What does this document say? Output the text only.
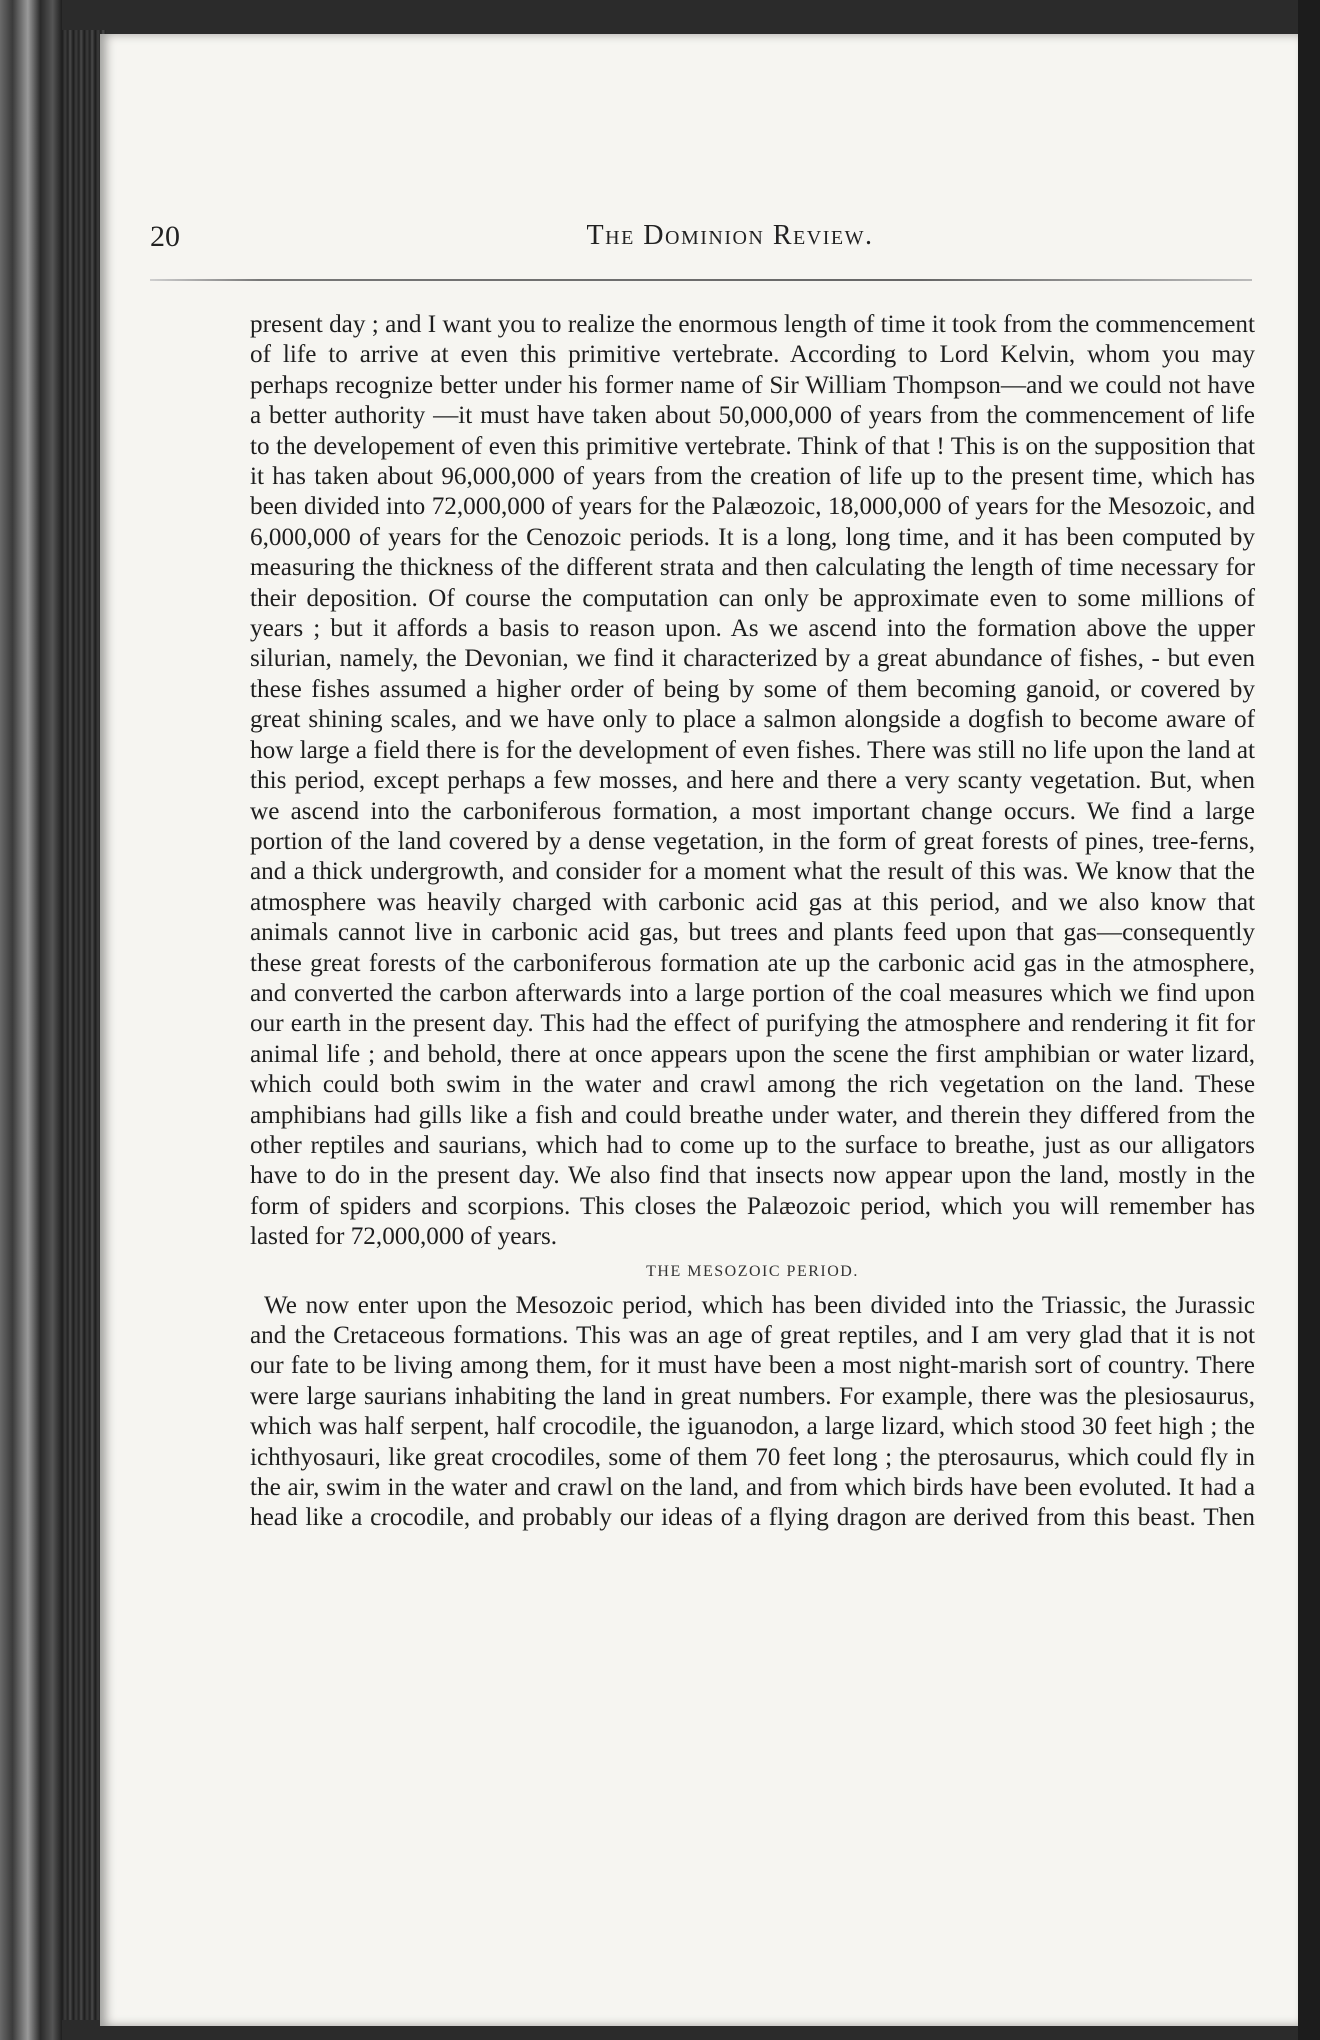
20	The Dominion Review.

present day ; and I want you to realize the enormous length of time it took from the commencement of life to arrive at even this primitive vertebrate. According to Lord Kelvin, whom you may perhaps recognize better under his former name of Sir William Thompson—and we could not have a better authority —it must have taken about 50,000,000 of years from the commencement of life to the developement of even this primitive vertebrate. Think of that ! This is on the supposition that it has taken about 96,000,000 of years from the creation of life up to the present time, which has been divided into 72,000,000 of years for the Palæozoic, 18,000,000 of years for the Mesozoic, and 6,000,000 of years for the Cenozoic periods. It is a long, long time, and it has been computed by measuring the thickness of the different strata and then calculating the length of time necessary for their deposition. Of course the computation can only be approximate even to some millions of years ; but it affords a basis to reason upon. As we ascend into the formation above the upper silurian, namely, the Devonian, we find it characterized by a great abundance of fishes, - but even these fishes assumed a higher order of being by some of them becoming ganoid, or covered by great shining scales, and we have only to place a salmon alongside a dogfish to become aware of how large a field there is for the development of even fishes. There was still no life upon the land at this period, except perhaps a few mosses, and here and there a very scanty vegetation. But, when we ascend into the carboniferous formation, a most important change occurs. We find a large portion of the land covered by a dense vegetation, in the form of great forests of pines, tree-ferns, and a thick undergrowth, and consider for a moment what the result of this was. We know that the atmosphere was heavily charged with carbonic acid gas at this period, and we also know that animals cannot live in carbonic acid gas, but trees and plants feed upon that gas—consequently these great forests of the carboniferous formation ate up the carbonic acid gas in the atmosphere, and converted the carbon afterwards into a large portion of the coal measures which we find upon our earth in the present day. This had the effect of purifying the atmosphere and rendering it fit for animal life ; and behold, there at once appears upon the scene the first amphibian or water lizard, which could both swim in the water and crawl among the rich vegetation on the land. These amphibians had gills like a fish and could breathe under water, and therein they differed from the other reptiles and saurians, which had to come up to the surface to breathe, just as our alligators have to do in the present day. We also find that insects now appear upon the land, mostly in the form of spiders and scorpions. This closes the Palæozoic period, which you will remember has lasted for 72,000,000 of years.

THE MESOZOIC PERIOD.

We now enter upon the Mesozoic period, which has been divided into the Triassic, the Jurassic and the Cretaceous formations. This was an age of great reptiles, and I am very glad that it is not our fate to be living among them, for it must have been a most night-marish sort of country. There were large saurians inhabiting the land in great numbers. For example, there was the plesiosaurus, which was half serpent, half crocodile, the iguanodon, a large lizard, which stood 30 feet high ; the ichthyosauri, like great crocodiles, some of them 70 feet long ; the pterosaurus, which could fly in the air, swim in the water and crawl on the land, and from which birds have been evoluted. It had a head like a crocodile, and probably our ideas of a flying dragon are derived from this beast. Then
